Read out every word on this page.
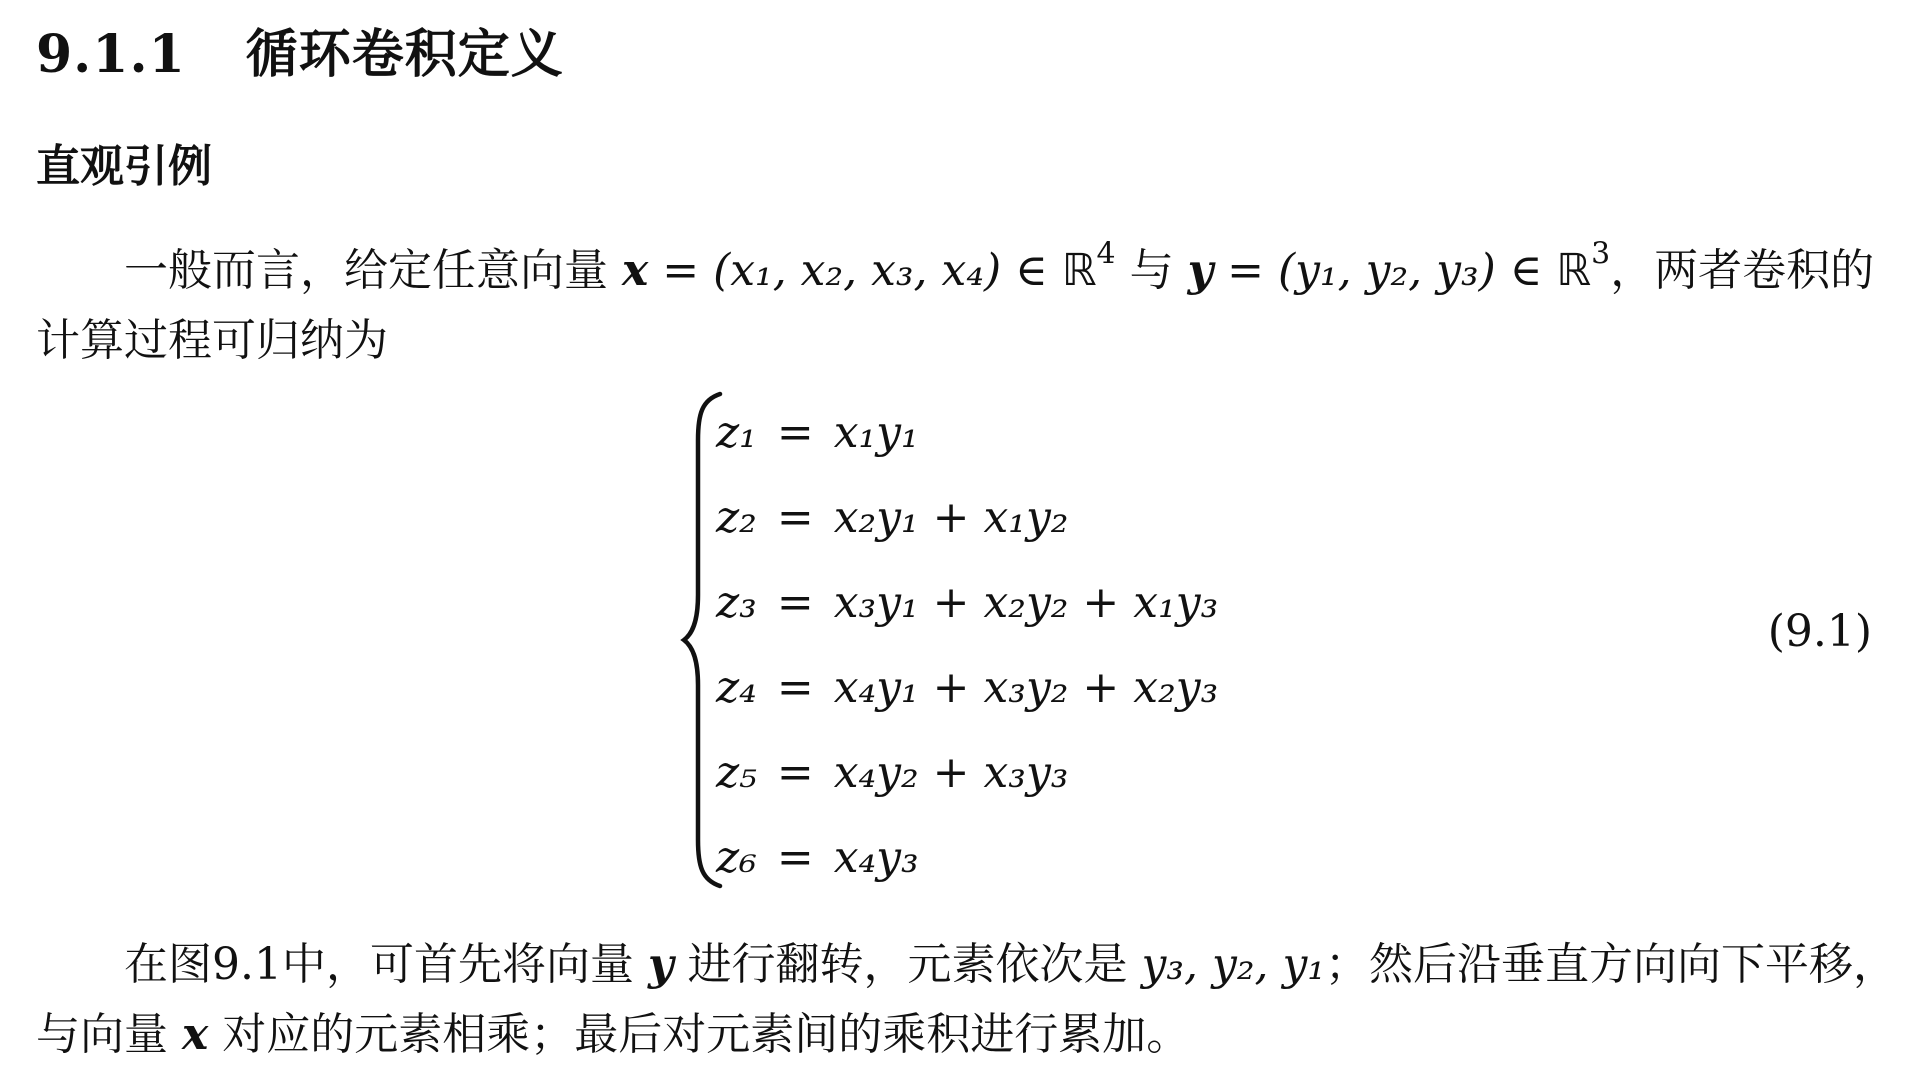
9.1.1 循环卷积定义
直观引例
一般而言，给定任意向量 x = (x₁, x₂, x₃, x₄) ∈ ℝ$^4$ 与 y = (y₁, y₂, y₃) ∈ ℝ$^3$，两者卷积的
计算过程可归纳为
z₁ = x₁y₁
z₂ = x₂y₁ + x₁y₂
z₃ = x₃y₁ + x₂y₂ + x₁y₃
z₄ = x₄y₁ + x₃y₂ + x₂y₃
z₅ = x₄y₂ + x₃y₃
z₆ = x₄y₃
(9.1)
在图9.1中，可首先将向量 y 进行翻转，元素依次是 y₃, y₂, y₁；然后沿垂直方向向下平移，
与向量 x 对应的元素相乘；最后对元素间的乘积进行累加。
